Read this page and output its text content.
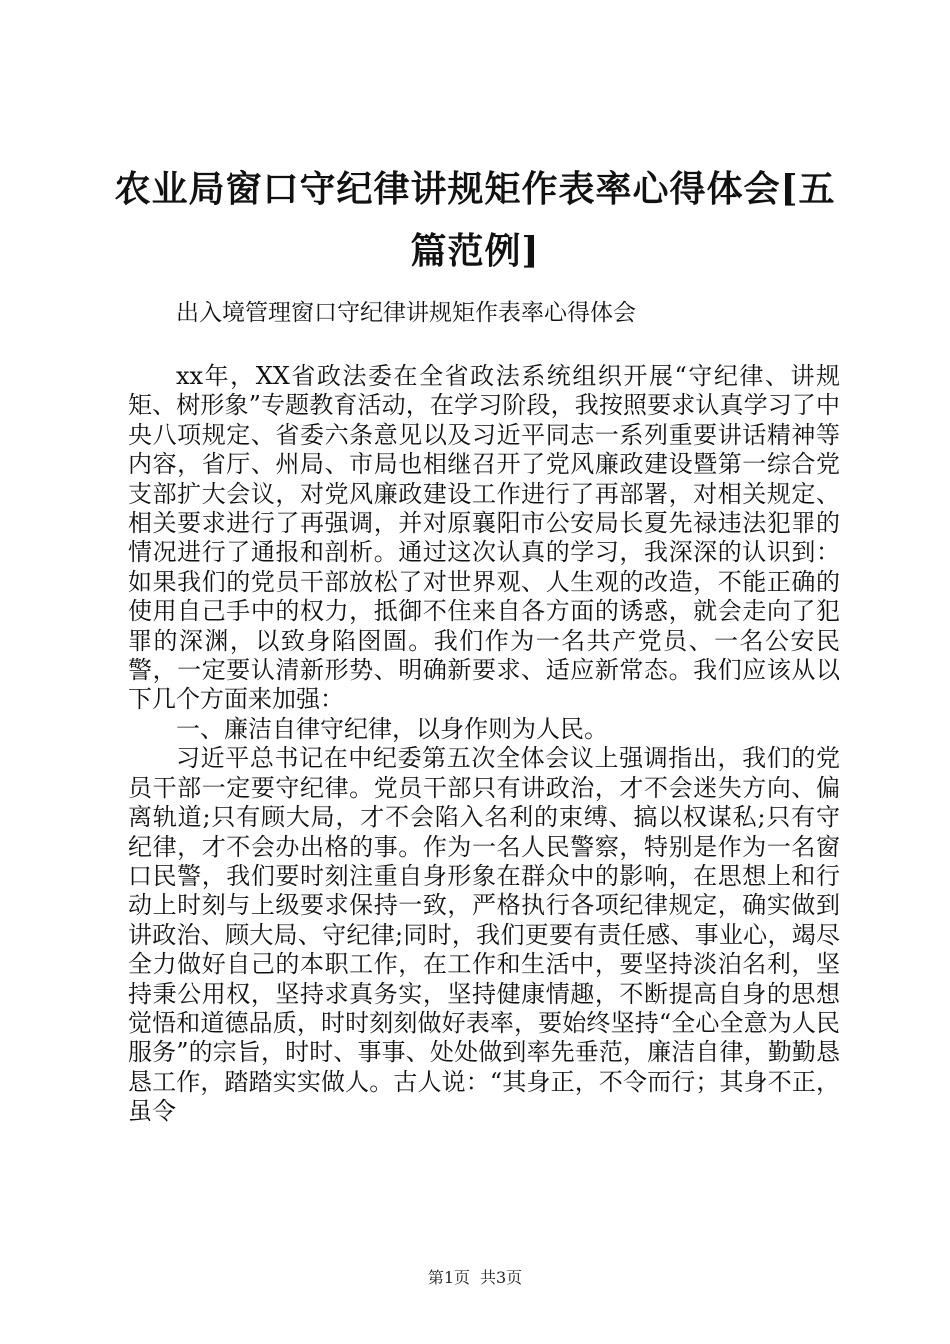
农业局窗口守纪律讲规矩作表率心得体会[五篇范例]

出入境管理窗口守纪律讲规矩作表率心得体会

xx年，XX省政法委在全省政法系统组织开展“守纪律、讲规矩、树形象”专题教育活动，在学习阶段，我按照要求认真学习了中央八项规定、省委六条意见以及习近平同志一系列重要讲话精神等内容，省厅、州局、市局也相继召开了党风廉政建设暨第一综合党支部扩大会议，对党风廉政建设工作进行了再部署，对相关规定、相关要求进行了再强调，并对原襄阳市公安局长夏先禄违法犯罪的情况进行了通报和剖析。通过这次认真的学习，我深深的认识到：如果我们的党员干部放松了对世界观、人生观的改造，不能正确的使用自己手中的权力，抵御不住来自各方面的诱惑，就会走向了犯罪的深渊，以致身陷囹圄。我们作为一名共产党员、一名公安民警，一定要认清新形势、明确新要求、适应新常态。我们应该从以下几个方面来加强：

一、廉洁自律守纪律，以身作则为人民。

习近平总书记在中纪委第五次全体会议上强调指出，我们的党员干部一定要守纪律。党员干部只有讲政治，才不会迷失方向、偏离轨道;只有顾大局，才不会陷入名利的束缚、搞以权谋私;只有守纪律，才不会办出格的事。作为一名人民警察，特别是作为一名窗口民警，我们要时刻注重自身形象在群众中的影响，在思想上和行动上时刻与上级要求保持一致，严格执行各项纪律规定，确实做到讲政治、顾大局、守纪律;同时，我们更要有责任感、事业心，竭尽全力做好自己的本职工作，在工作和生活中，要坚持淡泊名利，坚持秉公用权，坚持求真务实，坚持健康情趣，不断提高自身的思想觉悟和道德品质，时时刻刻做好表率，要始终坚持“全心全意为人民服务”的宗旨，时时、事事、处处做到率先垂范，廉洁自律，勤勤恳恳工作，踏踏实实做人。古人说：“其身正，不令而行；其身不正，虽令

第1页 共3页
